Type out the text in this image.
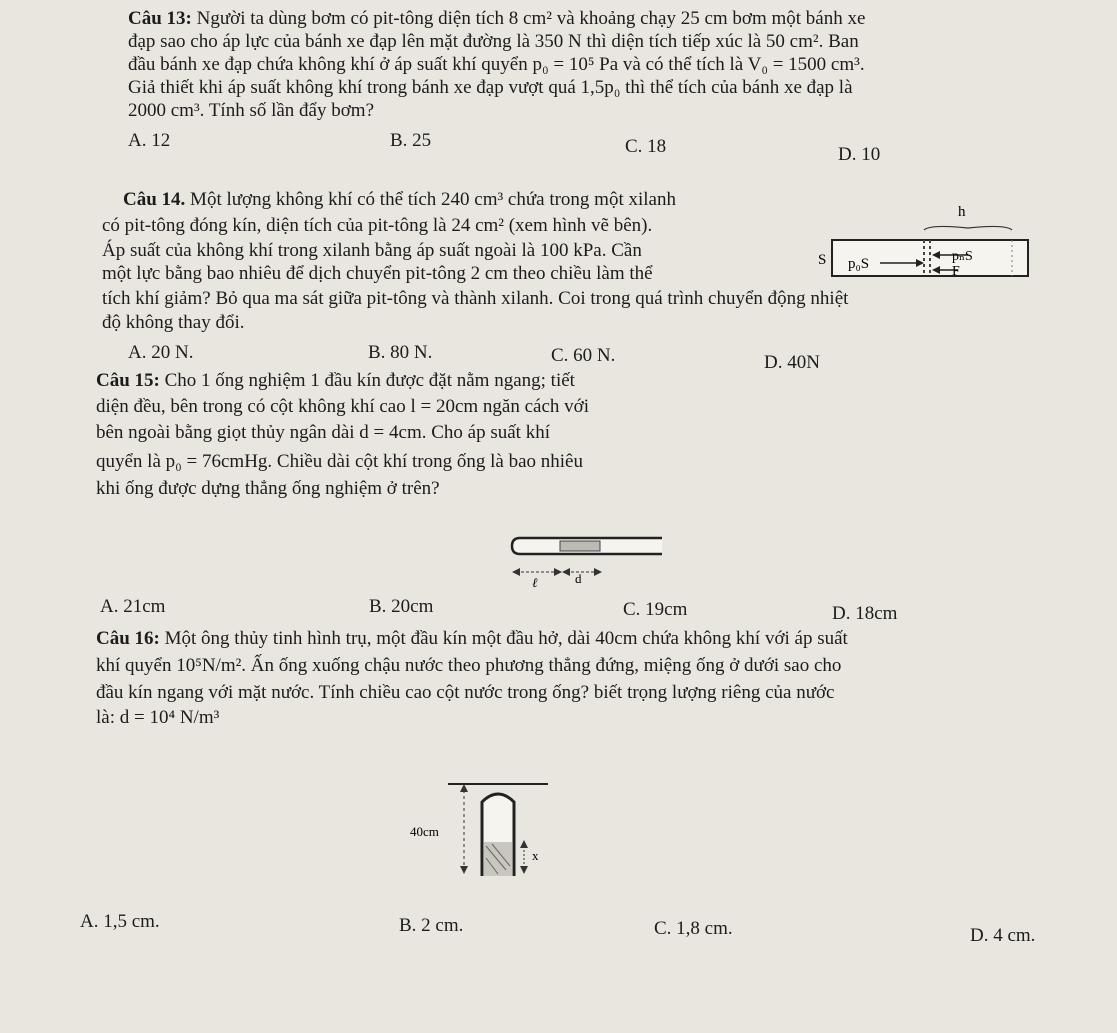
Câu 13: Người ta dùng bơm có pit-tông diện tích 8 cm² và khoảng chạy 25 cm bơm một bánh xe
đạp sao cho áp lực của bánh xe đạp lên mặt đường là 350 N thì diện tích tiếp xúc là 50 cm². Ban
đầu bánh xe đạp chứa không khí ở áp suất khí quyển p₀ = 10⁵ Pa và có thể tích là V₀ = 1500 cm³.
Giả thiết khi áp suất không khí trong bánh xe đạp vượt quá 1,5p₀ thì thể tích của bánh xe đạp là
2000 cm³. Tính số lần đẩy bơm?
A. 12	B. 25	C. 18	D. 10
Câu 14. Một lượng không khí có thể tích 240 cm³ chứa trong một xilanh
có pit-tông đóng kín, diện tích của pit-tông là 24 cm² (xem hình vẽ bên).
Áp suất của không khí trong xilanh bằng áp suất ngoài là 100 kPa. Cần
một lực bằng bao nhiêu để dịch chuyển pit-tông 2 cm theo chiều làm thể
tích khí giảm? Bỏ qua ma sát giữa pit-tông và thành xilanh. Coi trong quá trình chuyển động nhiệt
độ không thay đổi.
h
S p₀S	pₙS
F
A. 20 N.	B. 80 N.	C. 60 N.	D. 40N
Câu 15: Cho 1 ống nghiệm 1 đầu kín được đặt nằm ngang; tiết
diện đều, bên trong có cột không khí cao l = 20cm ngăn cách với
bên ngoài bằng giọt thủy ngân dài d = 4cm. Cho áp suất khí
quyển là p₀ = 76cmHg. Chiều dài cột khí trong ống là bao nhiêu
khi ống được dựng thẳng ống nghiệm ở trên?
ℓ	d
A. 21cm	B. 20cm	C. 19cm	D. 18cm
Câu 16: Một ông thủy tinh hình trụ, một đầu kín một đầu hở, dài 40cm chứa không khí với áp suất
khí quyển 10⁵N/m². Ấn ống xuống chậu nước theo phương thẳng đứng, miệng ống ở dưới sao cho
đầu kín ngang với mặt nước. Tính chiều cao cột nước trong ống? biết trọng lượng riêng của nước
là: d = 10⁴ N/m³
40cm
x
A. 1,5 cm.	B. 2 cm.	C. 1,8 cm.	D. 4 cm.
